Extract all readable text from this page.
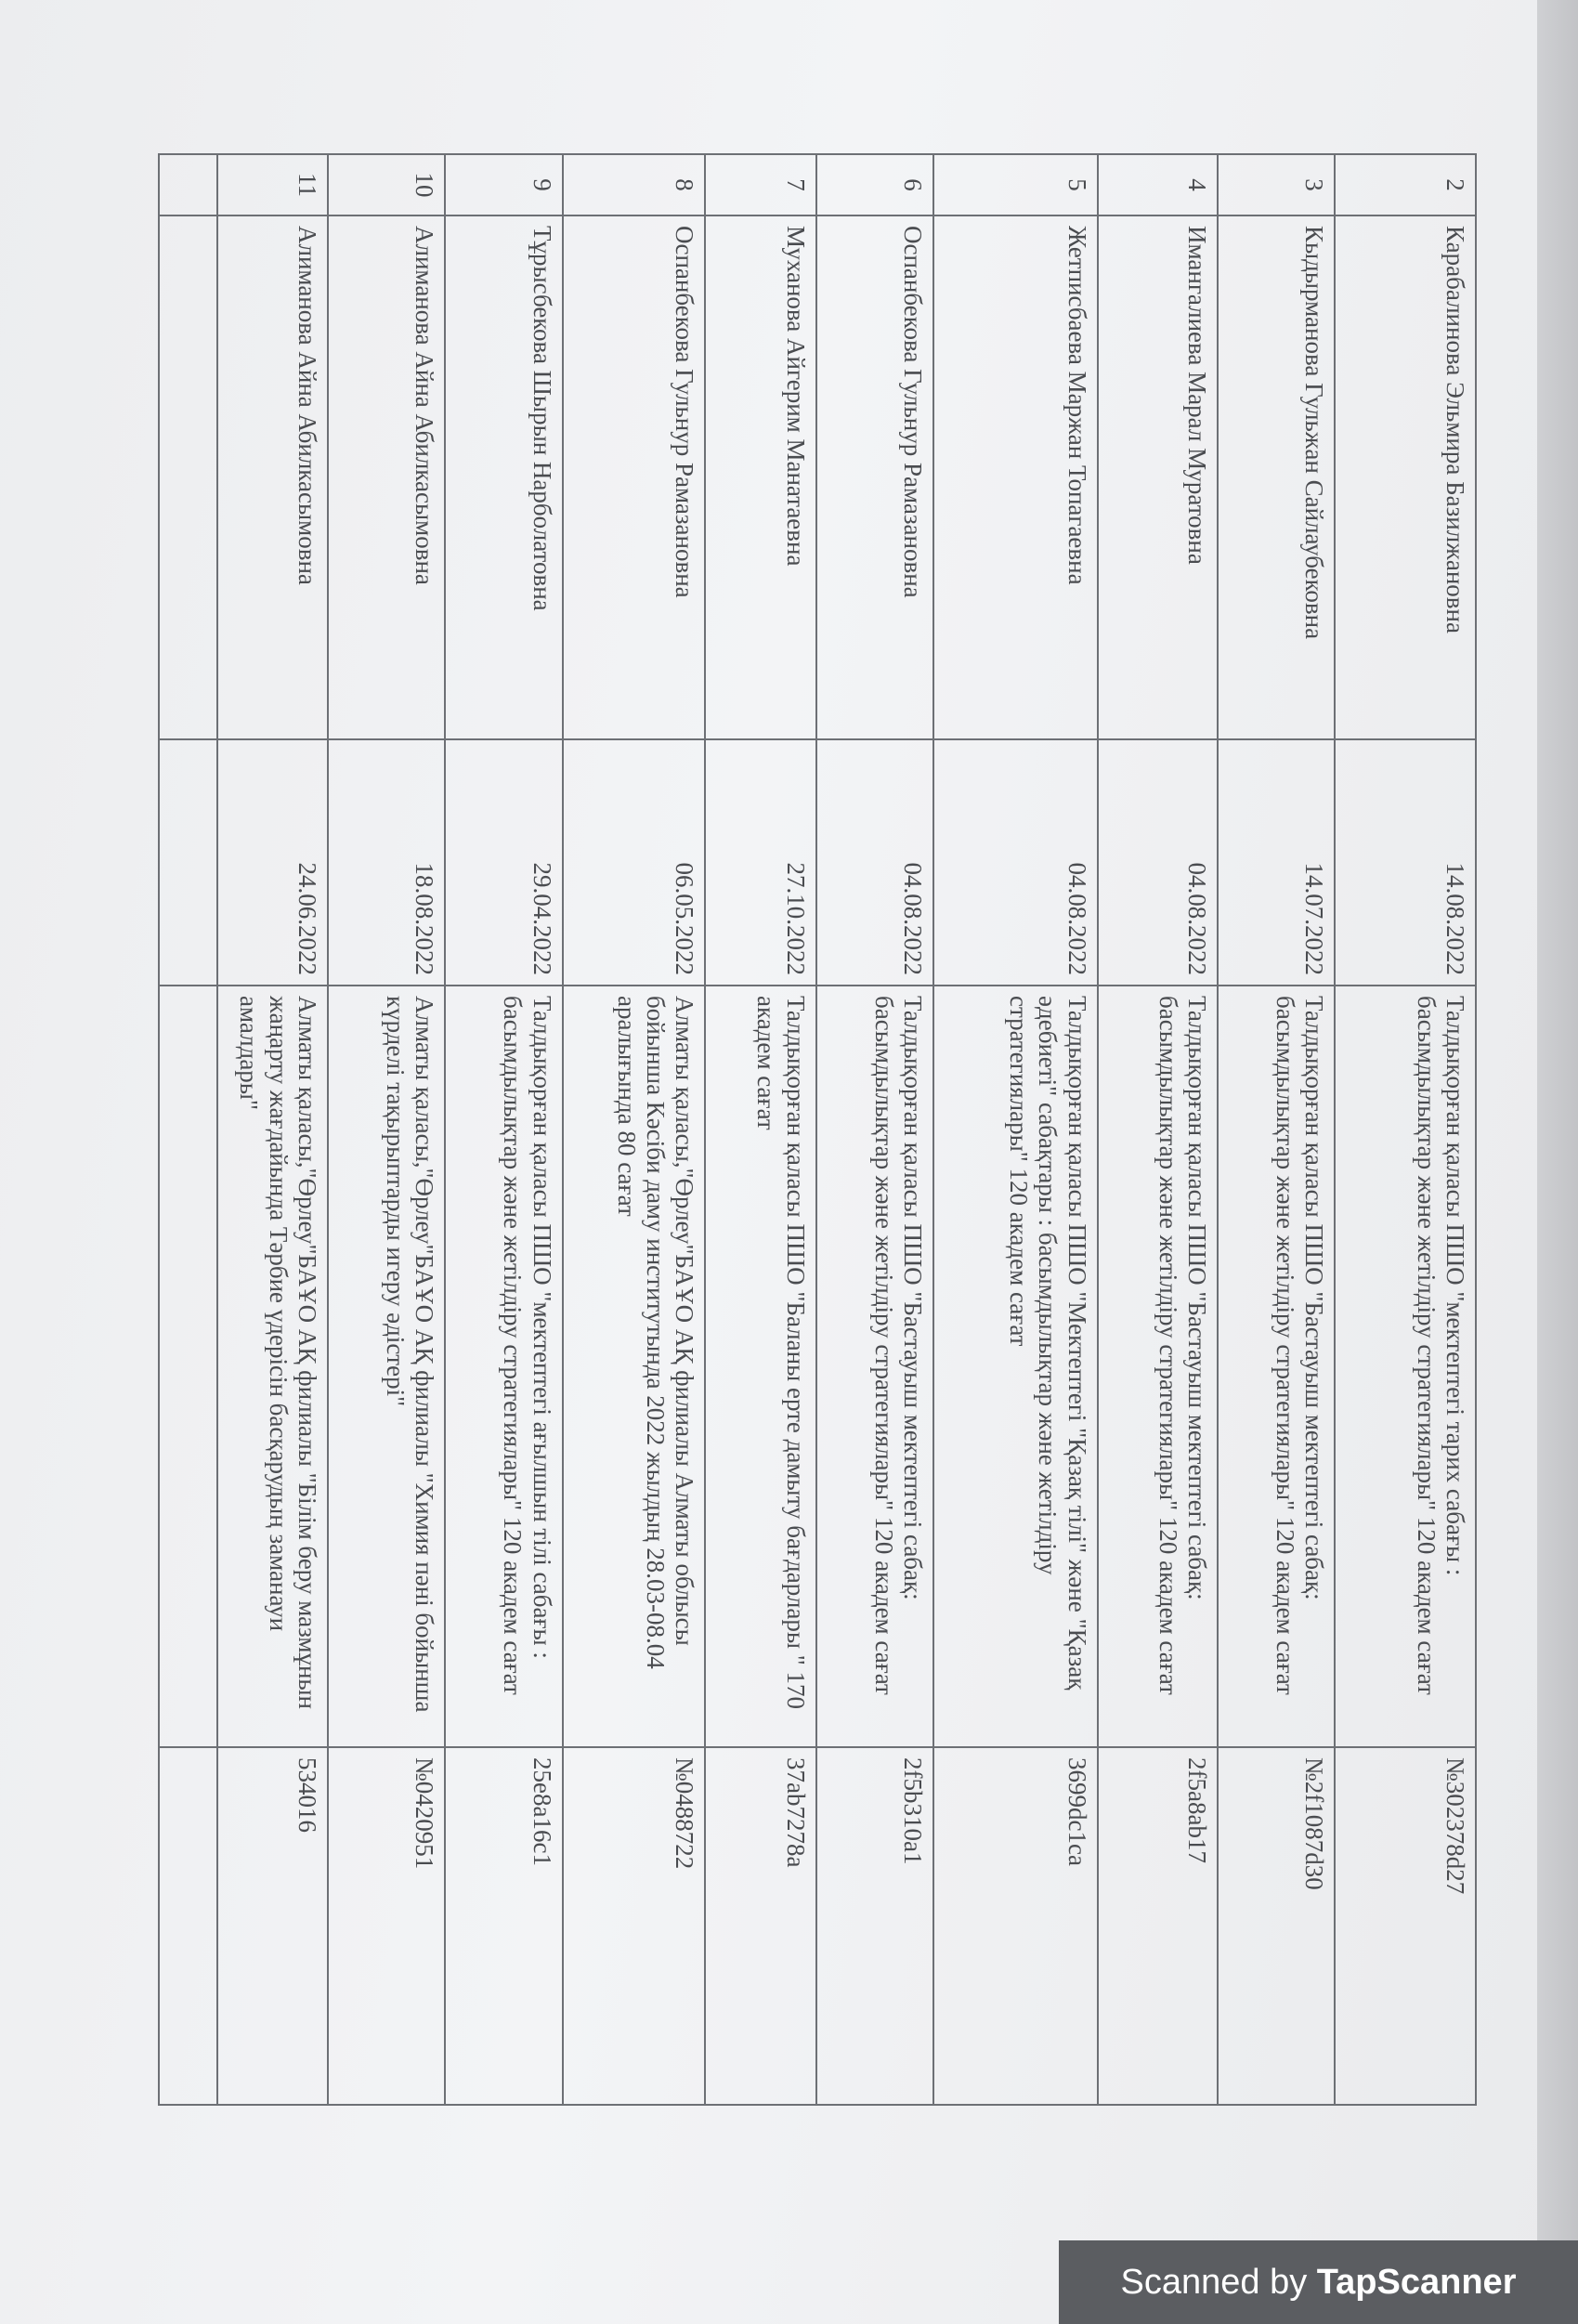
2	Карабалинова Эльмира Базилжановна	14.08.2022	Талдықорған қаласы ПШО "мектептегі тарих сабағы : басымдылықтар және жетілдіру стратегиялары" 120 академ сағат	№302378d27
3	Кыдырманова Гульжан Сайлаубековна	14.07.2022	Талдықорған қаласы ПШО "Бастауыш мектептегі сабақ: басымдылықтар және жетілдіру стратегиялары" 120 академ сағат	№2f1087d30
4	Имангалиева Марал Муратовна	04.08.2022	Талдықорған қаласы ПШО "Бастауыш мектептегі сабақ: басымдылықтар және жетілдіру стратегиялары" 120 академ сағат	2f5a8ab17
5	Жетписбаева Маржан Топагаевна	04.08.2022	Талдықорған қаласы ПШО "Мектептегі "Қазақ тілі" және "Қазақ әдебиеті" сабақтары : басымдылықтар және жетілдіру стратегиялары" 120 академ сағат	3699dc1ca
6	Оспанбекова Гульнур Рамазановна	04.08.2022	Талдықорған қаласы ПШО "Бастауыш мектептегі сабақ: басымдылықтар және жетілдіру стратегиялары" 120 академ сағат	2f5b310a1
7	Муханова Айгерим Манатаевна	27.10.2022	Талдықорған қаласы ПШО "Баланы ерте дамыту бағдарлары " 170 академ сағат	37ab7278a
8	Оспанбекова Гульнур Рамазановна	06.05.2022	Алматы қаласы,"Өрлеу"БАҰО АҚ филиалы Алматы облысы бойынша Кәсіби даму институтында 2022 жылдың 28.03-08.04 аралығында 80 сағат	№0488722
9	Тұрысбекова Шырын Нарболатовна	29.04.2022	Талдықорған қаласы ПШО "мектептегі ағылшын тілі сабағы : басымдылықтар және жетілдіру стратегиялары" 120 академ сағат	25e8a16c1
10	Алиманова Айна Абилкасымовна	18.08.2022	Алматы қаласы,"Өрлеу"БАҰО АҚ филиалы "Химия пәні бойынша күрделі тақырыптарды игеру әдістері"	№0420951
11	Алиманова Айна Абилкасымовна	24.06.2022	Алматы қаласы,"Өрлеу"БАҰО АҚ филиалы "Білім беру мазмұнын жаңарту жағдайында Тәрбие үдерісін басқарудың заманауи амалдары"	534016

Scanned by TapScanner
